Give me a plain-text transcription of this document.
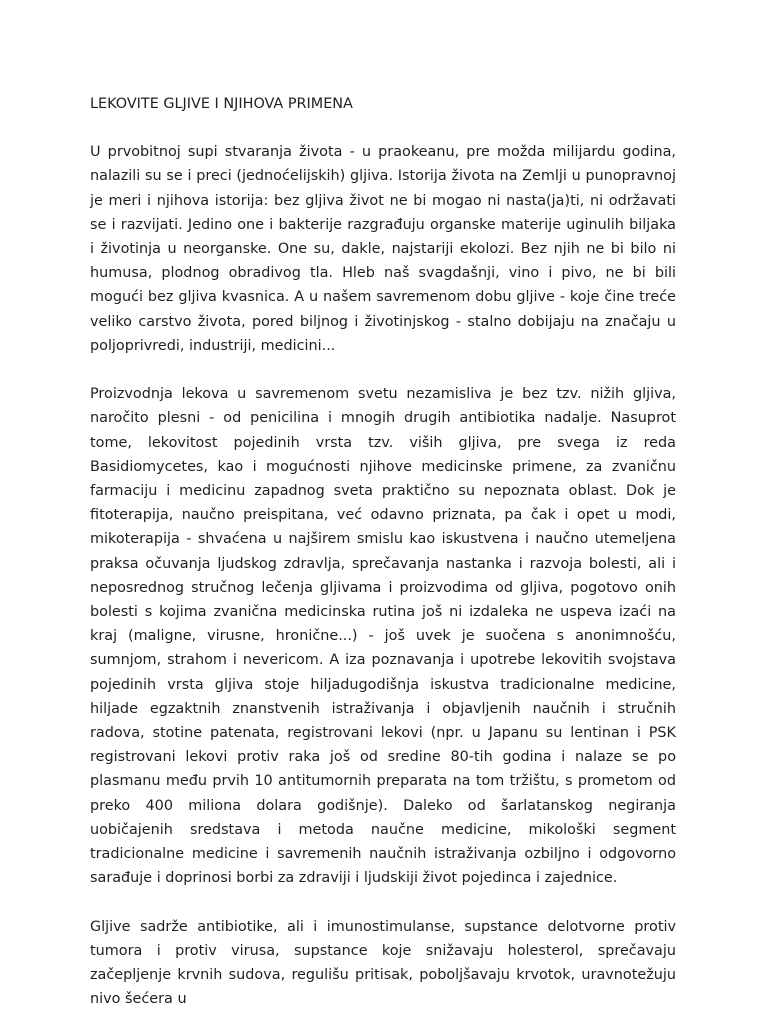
LEKOVITE GLJIVE I NJIHOVA PRIMENA

U prvobitnoj supi stvaranja života - u praokeanu, pre možda milijardu godina, nalazili su se i preci (jednoćelijskih) gljiva. Istorija života na Zemlji u punopravnoj je meri i njihova istorija: bez gljiva život ne bi mogao ni nasta(ja)ti, ni održavati se i razvijati. Jedino one i bakterije razgrađuju organske materije uginulih biljaka i životinja u neorganske. One su, dakle, najstariji ekolozi. Bez njih ne bi bilo ni humusa, plodnog obradivog tla. Hleb naš svagdašnji, vino i pivo, ne bi bili mogući bez gljiva kvasnica. A u našem savremenom dobu gljive - koje čine treće veliko carstvo života, pored biljnog i životinjskog - stalno dobijaju na značaju u poljoprivredi, industriji, medicini...

Proizvodnja lekova u savremenom svetu nezamisliva je bez tzv. nižih gljiva, naročito plesni - od penicilina i mnogih drugih antibiotika nadalje. Nasuprot tome, lekovitost pojedinih vrsta tzv. viših gljiva, pre svega iz reda Basidiomycetes, kao i mogućnosti njihove medicinske primene, za zvaničnu farmaciju i medicinu zapadnog sveta praktično su nepoznata oblast. Dok je fitoterapija, naučno preispitana, već odavno priznata, pa čak i opet u modi, mikoterapija - shvaćena u najširem smislu kao iskustvena i naučno utemeljena praksa očuvanja ljudskog zdravlja, sprečavanja nastanka i razvoja bolesti, ali i neposrednog stručnog lečenja gljivama i proizvodima od gljiva, pogotovo onih bolesti s kojima zvanična medicinska rutina još ni izdaleka ne uspeva izaći na kraj (maligne, virusne, hronične...) - još uvek je suočena s anonimnošću, sumnjom, strahom i nevericom. A iza poznavanja i upotrebe lekovitih svojstava pojedinih vrsta gljiva stoje hiljadugodišnja iskustva tradicionalne medicine, hiljade egzaktnih znanstvenih istraživanja i objavljenih naučnih i stručnih radova, stotine patenata, registrovani lekovi (npr. u Japanu su lentinan i PSK registrovani lekovi protiv raka još od sredine 80-tih godina i nalaze se po plasmanu među prvih 10 antitumornih preparata na tom tržištu, s prometom od preko 400 miliona dolara godišnje). Daleko od šarlatanskog negiranja uobičajenih sredstava i metoda naučne medicine, mikološki segment tradicionalne medicine i savremenih naučnih istraživanja ozbiljno i odgovorno sarađuje i doprinosi borbi za zdraviji i ljudskiji život pojedinca i zajednice.

Gljive sadrže antibiotike, ali i imunostimulanse, supstance delotvorne protiv tumora i protiv virusa, supstance koje snižavaju holesterol, sprečavaju začepljenje krvnih sudova, regulišu pritisak, poboljšavaju krvotok, uravnotežuju nivo šećera u
